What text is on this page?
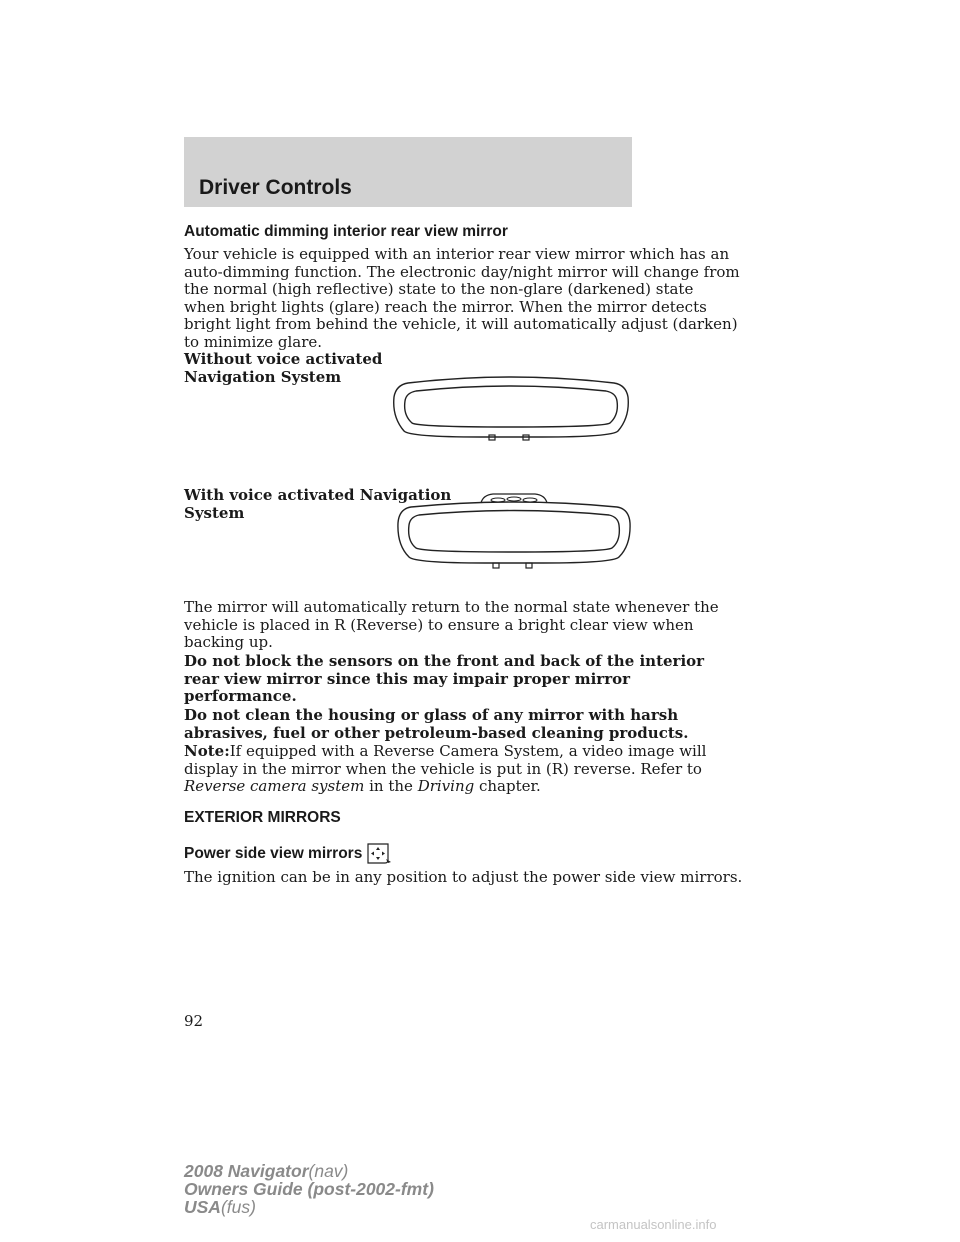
Driver Controls

Automatic dimming interior rear view mirror

Your vehicle is equipped with an interior rear view mirror which has an
auto-dimming function. The electronic day/night mirror will change from
the normal (high reflective) state to the non-glare (darkened) state
when bright lights (glare) reach the mirror. When the mirror detects
bright light from behind the vehicle, it will automatically adjust (darken)
to minimize glare.
Without voice activated
Navigation System
With voice activated Navigation
System
The mirror will automatically return to the normal state whenever the
vehicle is placed in R (Reverse) to ensure a bright clear view when
backing up.
Do not block the sensors on the front and back of the interior
rear view mirror since this may impair proper mirror
performance.
Do not clean the housing or glass of any mirror with harsh
abrasives, fuel or other petroleum-based cleaning products.
Note:If equipped with a Reverse Camera System, a video image will
display in the mirror when the vehicle is put in (R) reverse. Refer to
Reverse camera system in the Driving chapter.

EXTERIOR MIRRORS

Power side view mirrors

The ignition can be in any position to adjust the power side view mirrors.

92
2008 Navigator(nav)
Owners Guide (post-2002-fmt)
USA(fus)
carmanualsonline.info
